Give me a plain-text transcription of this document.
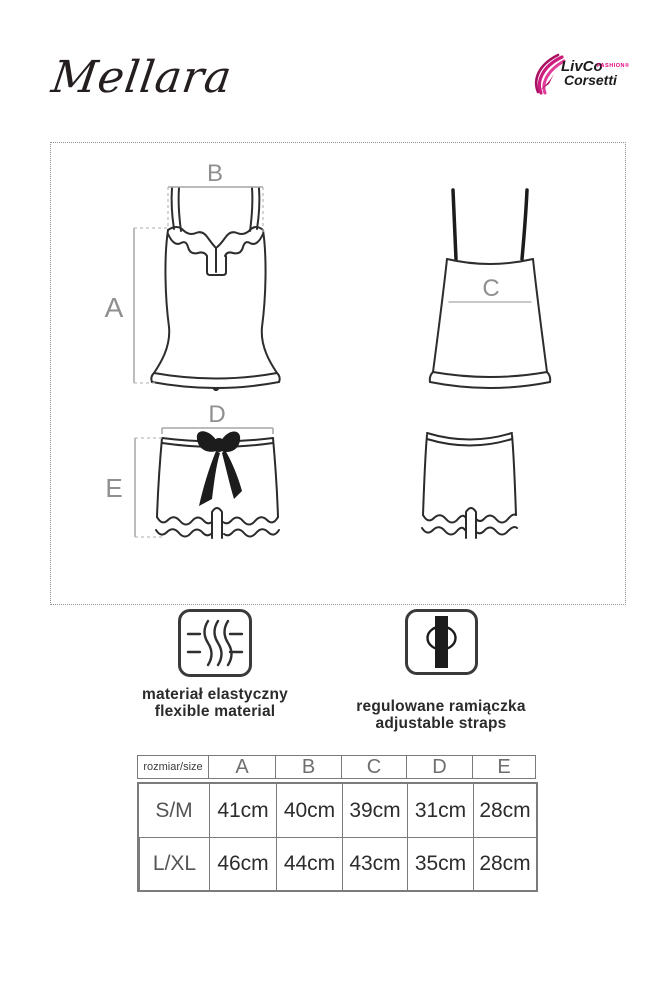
Mellara	LivCo
FASHION®
Corsetti
B
A
C
D
E
materiał elastyczny
flexible material	regulowane ramiączka
adjustable straps
rozmiar/size	A	B	C	D	E
S/M	41cm 40cm 39cm 31cm 28cm
L/XL	46cm 44cm 43cm 35cm 28cm
